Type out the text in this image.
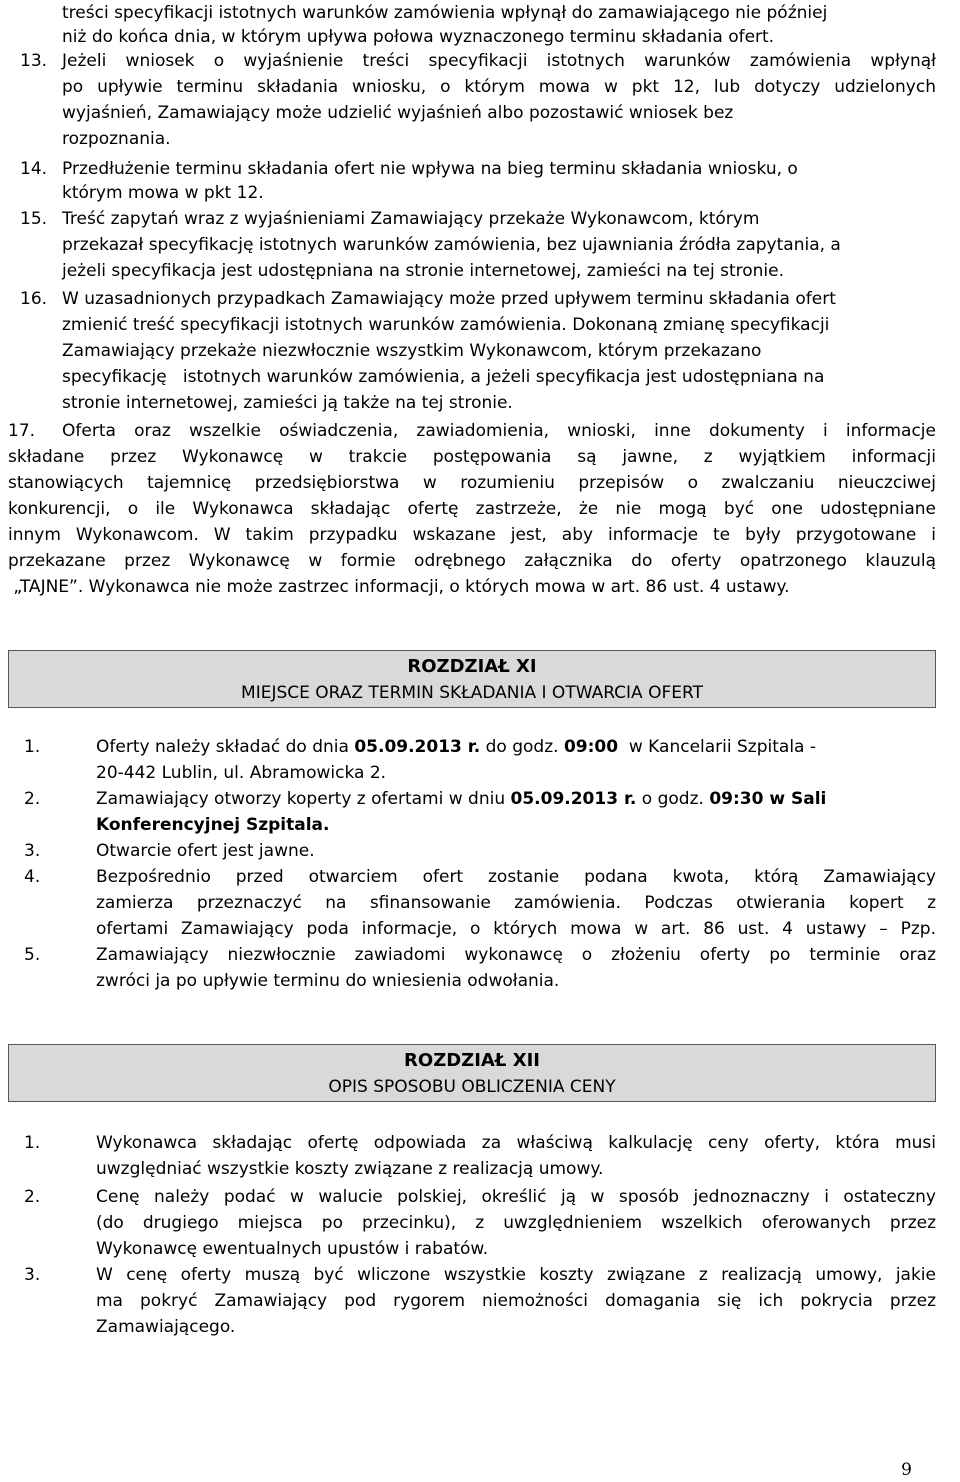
treści specyfikacji istotnych warunków zamówienia wpłynął do zamawiającego nie później
niż do końca dnia, w którym upływa połowa wyznaczonego terminu składania ofert.
13. Jeżeli wniosek o wyjaśnienie treści specyfikacji istotnych warunków zamówienia wpłynął
po upływie terminu składania wniosku, o którym mowa w pkt 12, lub dotyczy udzielonych
wyjaśnień, Zamawiający może udzielić wyjaśnień albo pozostawić wniosek bez
rozpoznania.
14. Przedłużenie terminu składania ofert nie wpływa na bieg terminu składania wniosku, o
którym mowa w pkt 12.
15. Treść zapytań wraz z wyjaśnieniami Zamawiający przekaże Wykonawcom, którym
przekazał specyfikację istotnych warunków zamówienia, bez ujawniania źródła zapytania, a
jeżeli specyfikacja jest udostępniana na stronie internetowej, zamieści na tej stronie.
16. W uzasadnionych przypadkach Zamawiający może przed upływem terminu składania ofert
zmienić treść specyfikacji istotnych warunków zamówienia. Dokonaną zmianę specyfikacji
Zamawiający przekaże niezwłocznie wszystkim Wykonawcom, którym przekazano
specyfikację   istotnych warunków zamówienia, a jeżeli specyfikacja jest udostępniana na
stronie internetowej, zamieści ją także na tej stronie.
17. Oferta oraz wszelkie oświadczenia, zawiadomienia, wnioski, inne dokumenty i informacje
składane przez Wykonawcę w trakcie postępowania są jawne, z wyjątkiem informacji
stanowiących tajemnicę przedsiębiorstwa w rozumieniu przepisów o zwalczaniu nieuczciwej
konkurencji, o ile Wykonawca składając ofertę zastrzeże, że nie mogą być one udostępniane
innym Wykonawcom. W takim przypadku wskazane jest, aby informacje te były przygotowane i
przekazane przez Wykonawcę w formie odrębnego załącznika do oferty opatrzonego klauzulą
„TAJNE”. Wykonawca nie może zastrzec informacji, o których mowa w art. 86 ust. 4 ustawy.
ROZDZIAŁ XI
MIEJSCE ORAZ TERMIN SKŁADANIA I OTWARCIA OFERT
1.	Oferty należy składać do dnia 05.09.2013 r. do godz. 09:00  w Kancelarii Szpitala -
20-442 Lublin, ul. Abramowicka 2.
2.	Zamawiający otworzy koperty z ofertami w dniu 05.09.2013 r. o godz. 09:30 w Sali
Konferencyjnej Szpitala.
3.	Otwarcie ofert jest jawne.
4.	Bezpośrednio przed otwarciem ofert zostanie podana kwota, którą Zamawiający
zamierza przeznaczyć na sfinansowanie zamówienia. Podczas otwierania kopert z
ofertami Zamawiający poda informacje, o których mowa w art. 86 ust. 4 ustawy – Pzp.
5.	Zamawiający niezwłocznie zawiadomi wykonawcę o złożeniu oferty po terminie oraz
zwróci ja po upływie terminu do wniesienia odwołania.
ROZDZIAŁ XII
OPIS SPOSOBU OBLICZENIA CENY
1.	Wykonawca składając ofertę odpowiada za właściwą kalkulację ceny oferty, która musi
uwzględniać wszystkie koszty związane z realizacją umowy.
2.	Cenę należy podać w walucie polskiej, określić ją w sposób jednoznaczny i ostateczny
(do drugiego miejsca po przecinku), z uwzględnieniem wszelkich oferowanych przez
Wykonawcę ewentualnych upustów i rabatów.
3.	W cenę oferty muszą być wliczone wszystkie koszty związane z realizacją umowy, jakie
ma pokryć Zamawiający pod rygorem niemożności domagania się ich pokrycia przez
Zamawiającego.
9
